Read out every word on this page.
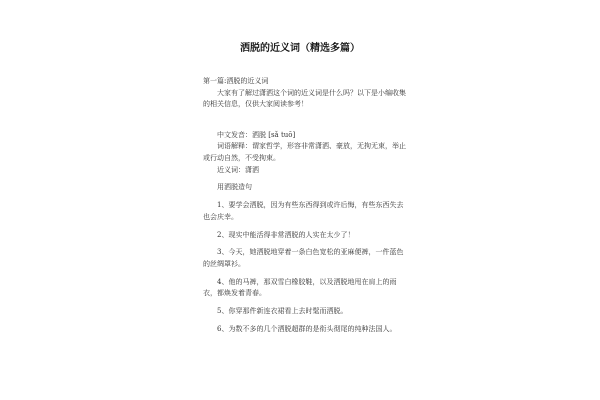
洒脱的近义词（精选多篇）

第一篇:洒脱的近义词

大家有了解过潇洒这个词的近义词是什么吗？以下是小编收集的相关信息，仅供大家阅读参考！

中文发音：洒脱 [sǎ tuō]

词语解释：谓家哲学，形容非常潇洒、豪放，无拘无束，举止或行动自然，不受拘束。

近义词：潇洒

用洒脱造句

1、要学会洒脱，因为有些东西得到或许后悔，有些东西失去也会庆幸。

2、现实中能活得非常洒脱的人实在太少了！

3、今天，她洒脱地穿着一条白色宽松的亚麻便裤，一件蓝色的丝绸罩衫。

4、他的马裤，那双雪白橡胶鞋，以及洒脱地甩在肩上的雨衣，都焕发着青春。

5、你穿那件新连衣裙看上去时髦而洒脱。

6、为数不多的几个洒脱超群的是衔头彻尾的纯种法国人。
